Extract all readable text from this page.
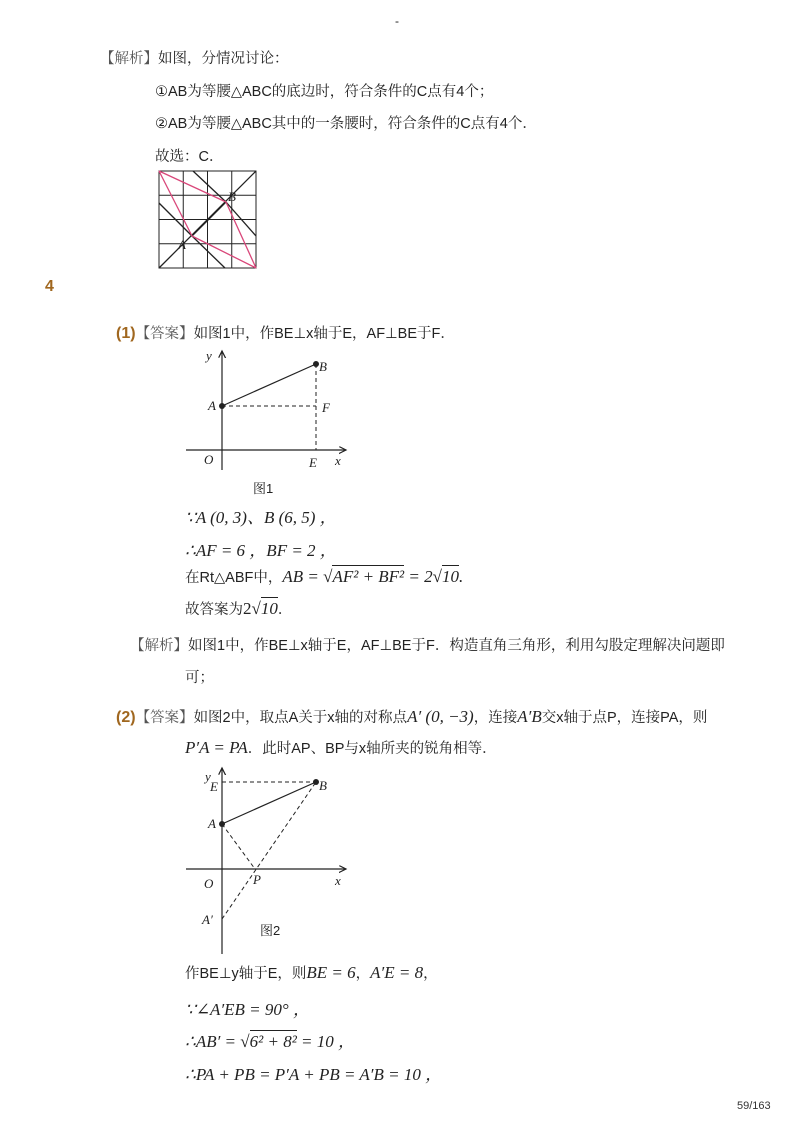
-
【解析】如图，分情况讨论：
①AB为等腰△ABC的底边时，符合条件的C点有4个；
②AB为等腰△ABC其中的一条腰时，符合条件的C点有4个．
故选：C．
B
A
4
(1)【答案】如图1中，作BE⊥x轴于E，AF⊥BE于F．
y
x
O
A
B
E
F
图1
∵A (0, 3)、B (6, 5) ，
∴AF = 6 ，BF = 2 ，
在Rt△ABF中，AB = √AF² + BF² = 2√10.
故答案为2√10．
【解析】如图1中，作BE⊥x轴于E，AF⊥BE于F．构造直角三角形，利用勾股定理解决问题即
可；
(2)【答案】如图2中，取点A关于x轴的对称点A′ (0, −3)，连接A′B交x轴于点P，连接PA，则
P′A = PA．此时AP、BP与x轴所夹的锐角相等．
y
E	B
A
x
O	P
A′
图2
作BE⊥y轴于E，则BE = 6，A′E = 8，
∵∠A′EB = 90° ，
∴AB′ = √6² + 8² = 10 ，
∴PA + PB = P′A + PB = A′B = 10 ，
59/163
